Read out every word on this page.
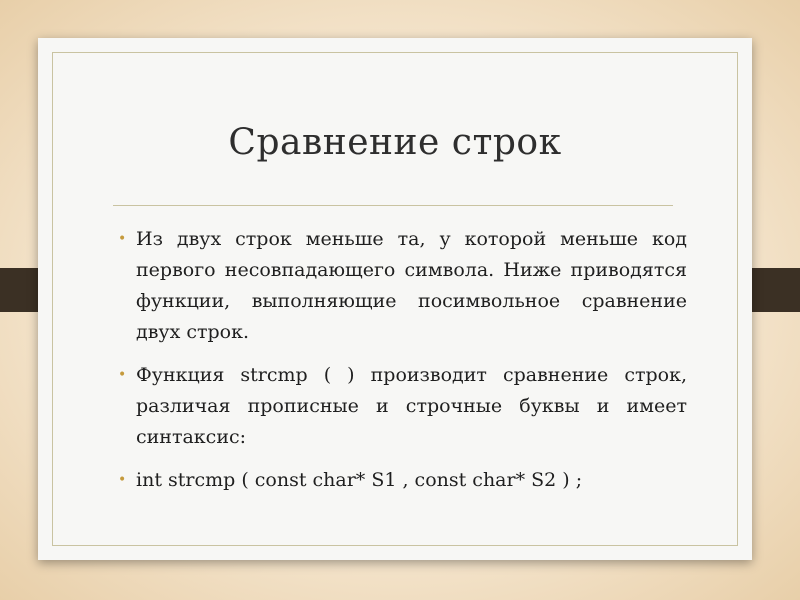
Сравнение строк
• Из двух строк меньше та, у которой меньше код первого несовпадающего символа. Ниже приводятся функции, выполняющие посимвольное сравнение двух строк.
• Функция strcmp ( ) производит сравнение строк, различая прописные и строчные буквы и имеет синтаксис:
• int strcmp ( const char* S1 , const char* S2 ) ;
